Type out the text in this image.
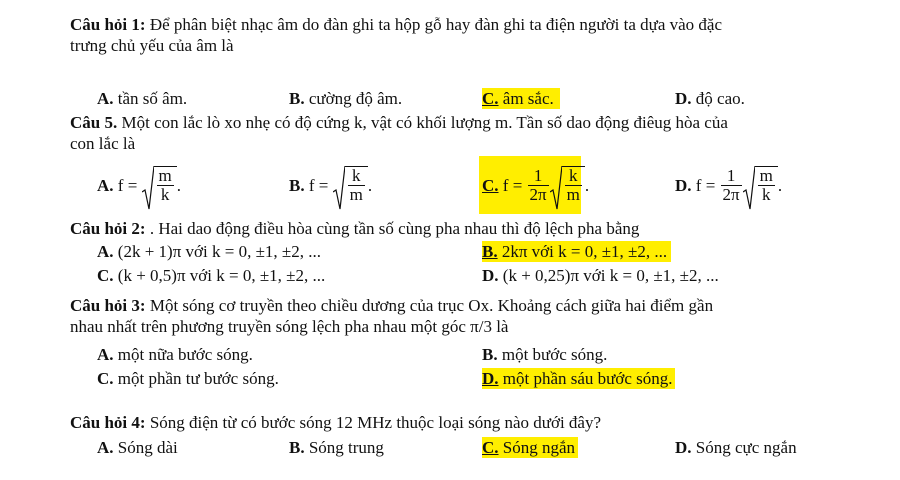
Câu hỏi 1: Để phân biệt nhạc âm do đàn ghi ta hộp gỗ hay đàn ghi ta điện người ta dựa vào đặc
trưng chủ yếu của âm là
A. tần số âm.	B. cường độ âm.	C. âm sắc.	D. độ cao.
Câu 5. Một con lắc lò xo nhẹ có độ cứng k, vật có khối lượng m. Tần số dao động điêug hòa của
con lắc là
A.
f =
$\frac{m}{k}$ .	B.
f =
$\frac{k}{m}$ .	C.
f =
$\frac{1}{2\pi} \frac{k}{m}$ .	D.
f =
$\frac{1}{2\pi} \frac{m}{k}$ .
Câu hỏi 2: . Hai dao động điều hòa cùng tần số cùng pha nhau thì độ lệch pha bằng
A. (2k + 1)π với k = 0, ±1, ±2, ...	B. 2kπ với k = 0, ±1, ±2, ...
C. (k + 0,5)π với k = 0, ±1, ±2, ...	D. (k + 0,25)π với k = 0, ±1, ±2, ...
Câu hỏi 3: Một sóng cơ truyền theo chiều dương của trục Ox. Khoảng cách giữa hai điểm gần
nhau nhất trên phương truyền sóng lệch pha nhau một góc π/3 là
A. một nữa bước sóng.	B. một bước sóng.
C. một phần tư bước sóng.	D. một phần sáu bước sóng.
Câu hỏi 4: Sóng điện từ có bước sóng 12 MHz thuộc loại sóng nào dưới đây?
A. Sóng dài	B. Sóng trung	C. Sóng ngắn	D. Sóng cực ngắn
